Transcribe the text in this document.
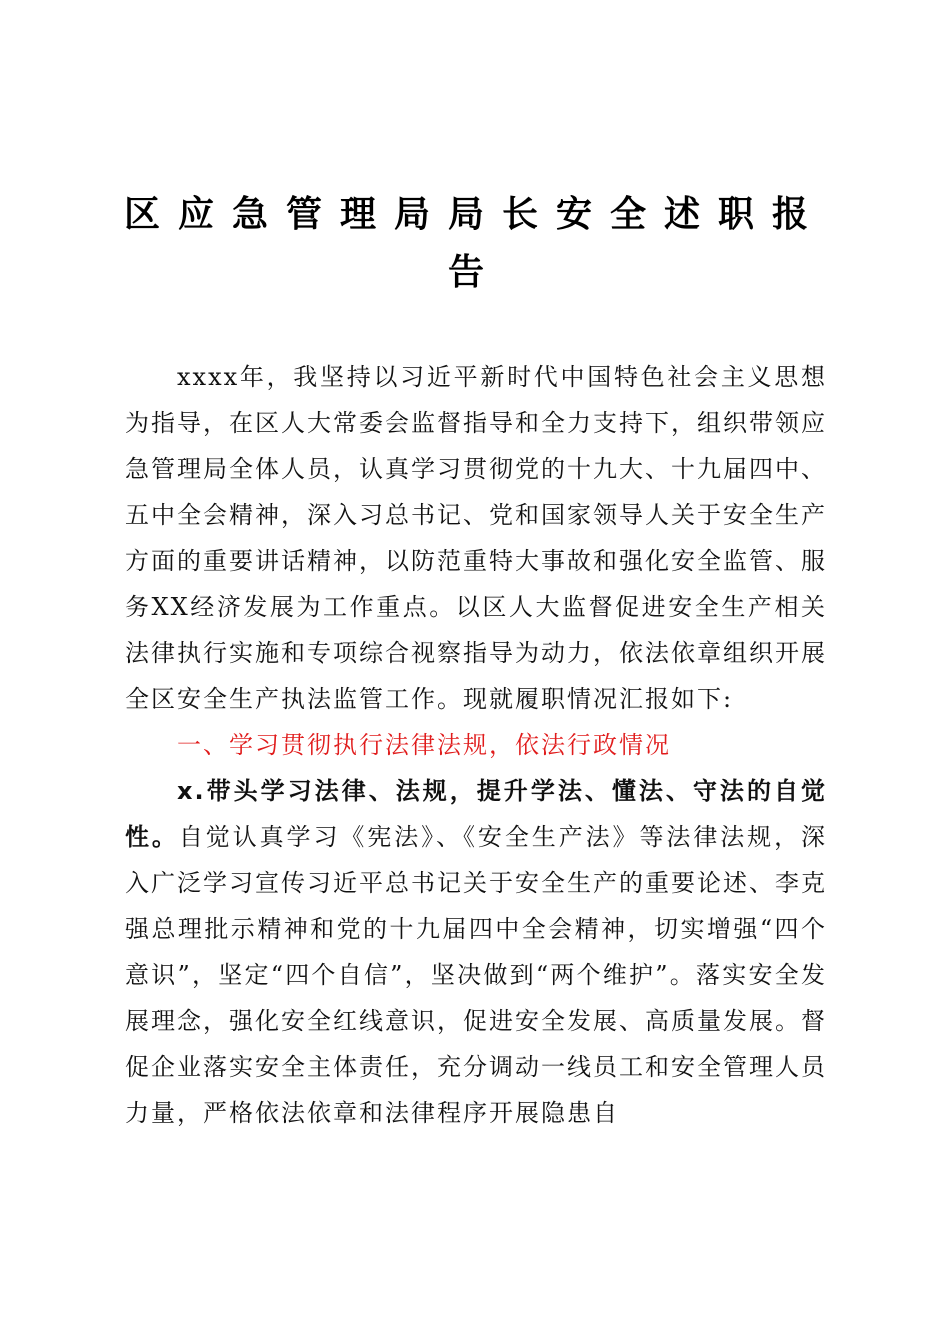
区应急管理局局长安全述职报告

xxxx年，我坚持以习近平新时代中国特色社会主义思想为指导，在区人大常委会监督指导和全力支持下，组织带领应急管理局全体人员，认真学习贯彻党的十九大、十九届四中、五中全会精神，深入习总书记、党和国家领导人关于安全生产方面的重要讲话精神，以防范重特大事故和强化安全监管、服务XX经济发展为工作重点。以区人大监督促进安全生产相关法律执行实施和专项综合视察指导为动力，依法依章组织开展全区安全生产执法监管工作。现就履职情况汇报如下:

一、学习贯彻执行法律法规，依法行政情况

x.带头学习法律、法规，提升学法、懂法、守法的自觉性。自觉认真学习《宪法》、《安全生产法》等法律法规，深入广泛学习宣传习近平总书记关于安全生产的重要论述、李克强总理批示精神和党的十九届四中全会精神，切实增强“四个意识”，坚定“四个自信”，坚决做到“两个维护”。落实安全发展理念，强化安全红线意识，促进安全发展、高质量发展。督促企业落实安全主体责任，充分调动一线员工和安全管理人员力量，严格依法依章和法律程序开展隐患自
